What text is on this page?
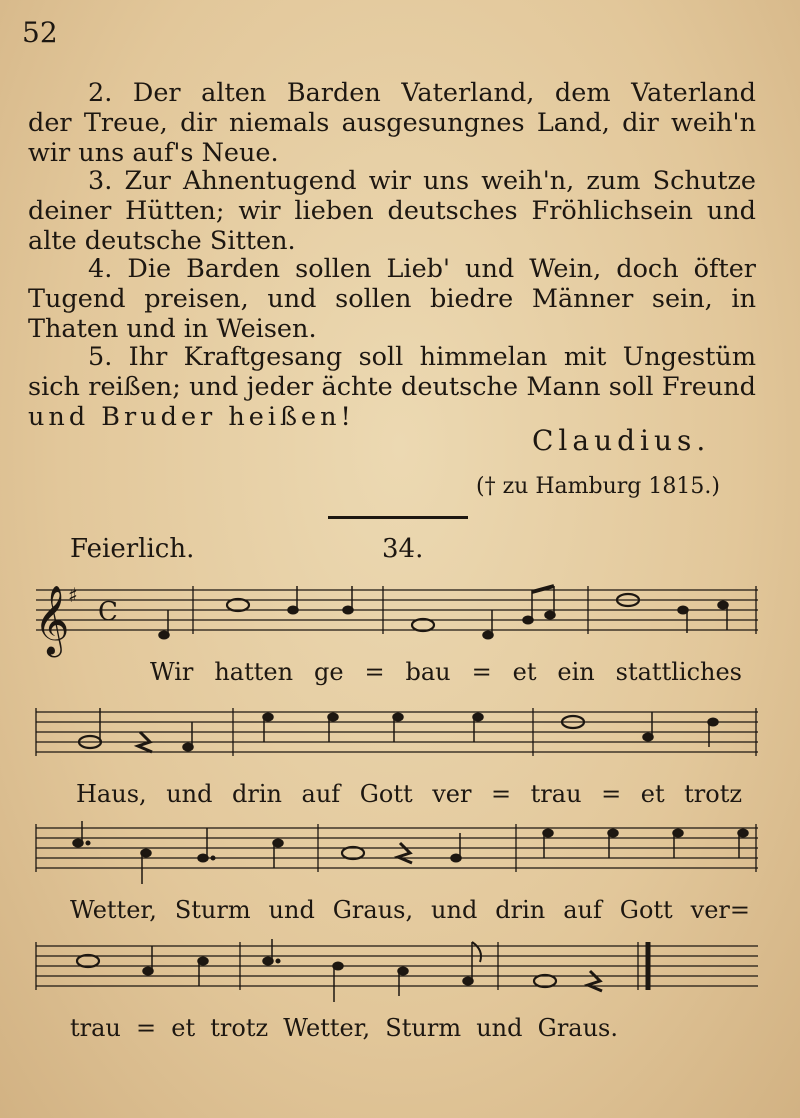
52
2. Der alten Barden Vaterland, dem Vaterland
der Treue, dir niemals ausgesungnes Land, dir weih'n
wir uns auf's Neue.
3. Zur Ahnentugend wir uns weih'n, zum Schutze
deiner Hütten; wir lieben deutsches Fröhlichsein und
alte deutsche Sitten.
4. Die Barden sollen Lieb' und Wein, doch öfter
Tugend preisen, und sollen biedre Männer sein, in
Thaten und in Weisen.
5. Ihr Kraftgesang soll himmelan mit Ungestüm
sich reißen; und jeder ächte deutsche Mann soll Freund
und Bruder heißen!
Claudius.
(† zu Hamburg 1815.)
Feierlich.	34.
𝄞
♯
C
Wir hatten ge = bau = et ein stattliches
Haus, und drin auf Gott ver = trau = et trotz
Wetter, Sturm und Graus, und drin auf Gott ver=
trau = et trotz Wetter, Sturm und Graus.
